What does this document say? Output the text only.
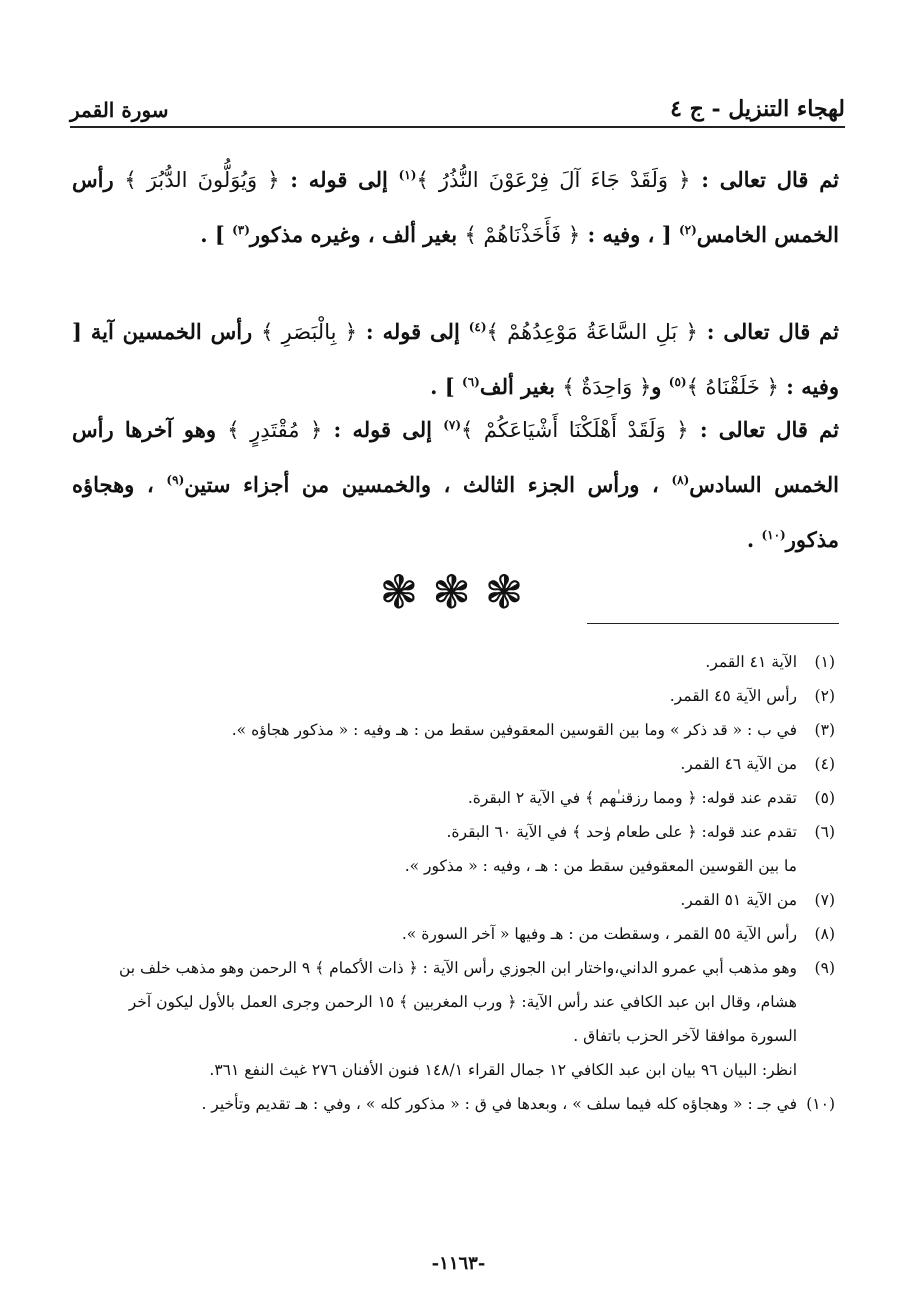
لهجاء التنزيل - ج ٤
سورة القمر
ثم قال تعالى : ﴿ وَلَقَدْ جَاءَ آلَ فِرْعَوْنَ النُّذُرُ ﴾$^{(١)}$ إلى قوله : ﴿ وَيُوَلُّونَ الدُّبُرَ ﴾ رأس الخمس الخامس$^{(٢)}$ [ ، وفيه : ﴿ فَأَخَذْنَاهُمْ ﴾ بغير ألف ، وغيره مذكور$^{(٣)}$ ] .
ثم قال تعالى : ﴿ بَلِ السَّاعَةُ مَوْعِدُهُمْ ﴾$^{(٤)}$ إلى قوله : ﴿ بِالْبَصَرِ ﴾ رأس الخمسين آية [ وفيه : ﴿ خَلَقْنَاهُ ﴾$^{(٥)}$ و﴿ وَاحِدَةٌ ﴾ بغير ألف$^{(٦)}$ ] .
ثم قال تعالى : ﴿ وَلَقَدْ أَهْلَكْنَا أَشْيَاعَكُمْ ﴾$^{(٧)}$ إلى قوله : ﴿ مُقْتَدِرٍ ﴾ وهو آخرها رأس الخمس السادس$^{(٨)}$ ، ورأس الجزء الثالث ، والخمسين من أجزاء ستين$^{(٩)}$ ، وهجاؤه مذكور$^{(١٠)}$ .
❃❃❃
(١)
الآية ٤١ القمر.
(٢)
رأس الآية ٤٥ القمر.
(٣)
في ب : « قد ذكر » وما بين القوسين المعقوفين سقط من : هـ وفيه : « مذكور هجاؤه ».
(٤)
من الآية ٤٦ القمر.
(٥)
تقدم عند قوله: ﴿ ومما رزقنـٰهم ﴾ في الآية ٢ البقرة.
(٦)
تقدم عند قوله: ﴿ على طعام وٰحد ﴾ في الآية ٦٠ البقرة.
ما بين القوسين المعقوفين سقط من : هـ ، وفيه : « مذكور ».
(٧)
من الآية ٥١ القمر.
(٨)
رأس الآية ٥٥ القمر ، وسقطت من : هـ وفيها « آخر السورة ».
(٩)
وهو مذهب أبي عمرو الداني،واختار ابن الجوزي رأس الآية : ﴿ ذات الأكمام ﴾ ٩ الرحمن وهو مذهب خلف بن هشام، وقال ابن عبد الكافي عند رأس الآية: ﴿ ورب المغربين ﴾ ١٥ الرحمن وجرى العمل بالأول ليكون آخر السورة موافقا لآخر الحزب باتفاق .
انظر: البيان ٩٦ بيان ابن عبد الكافي ١٢ جمال القراء ١٤٨/١ فنون الأفنان ٢٧٦ غيث النفع ٣٦١.
(١٠)
في جـ : « وهجاؤه كله فيما سلف » ، وبعدها في ق : « مذكور كله » ، وفي : هـ تقديم وتأخير .
-١١٦٣-
